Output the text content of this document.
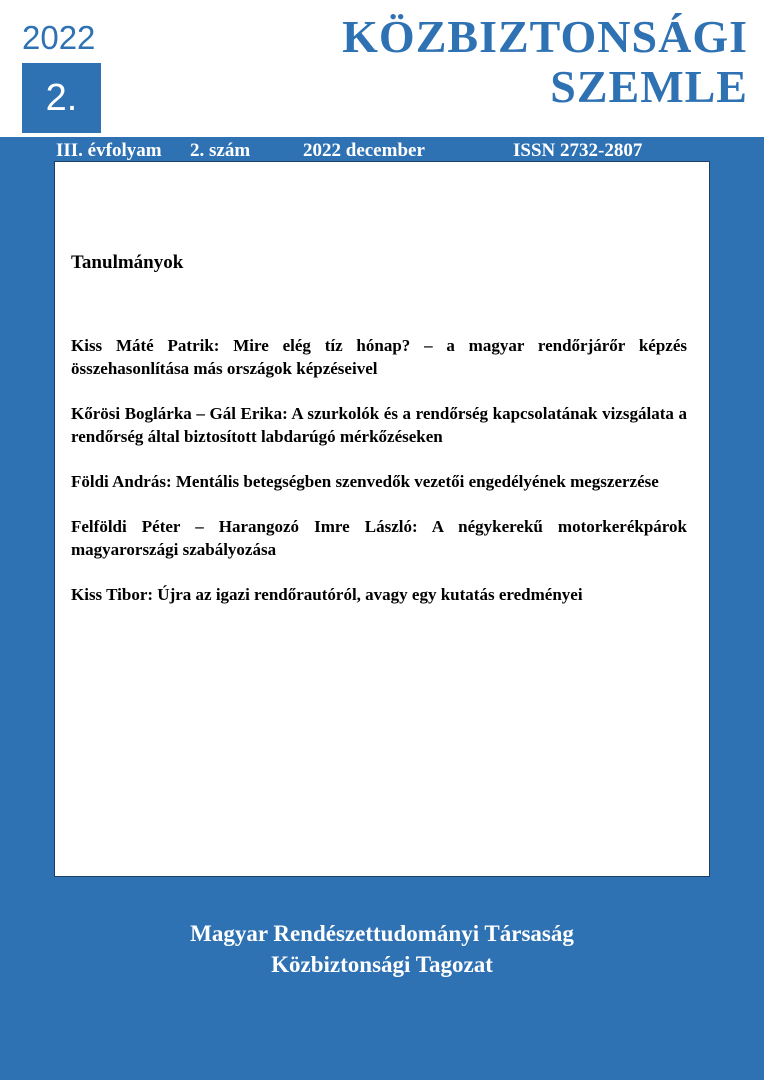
2022
2.
KÖZBIZTONSÁGI
SZEMLE
III. évfolyam 2. szám	2022 december	ISSN 2732-2807
Tanulmányok
Kiss Máté Patrik: Mire elég tíz hónap? – a magyar rendőrjárőr képzés összehasonlítása más országok képzéseivel
Kőrösi Boglárka – Gál Erika: A szurkolók és a rendőrség kapcsolatának vizsgálata a rendőrség által biztosított labdarúgó mérkőzéseken
Földi András: Mentális betegségben szenvedők vezetői engedélyének megszerzése
Felföldi Péter – Harangozó Imre László: A négykerekű motorkerékpárok magyarországi szabályozása
Kiss Tibor: Újra az igazi rendőrautóról, avagy egy kutatás eredményei
Magyar Rendészettudományi Társaság
Közbiztonsági Tagozat
